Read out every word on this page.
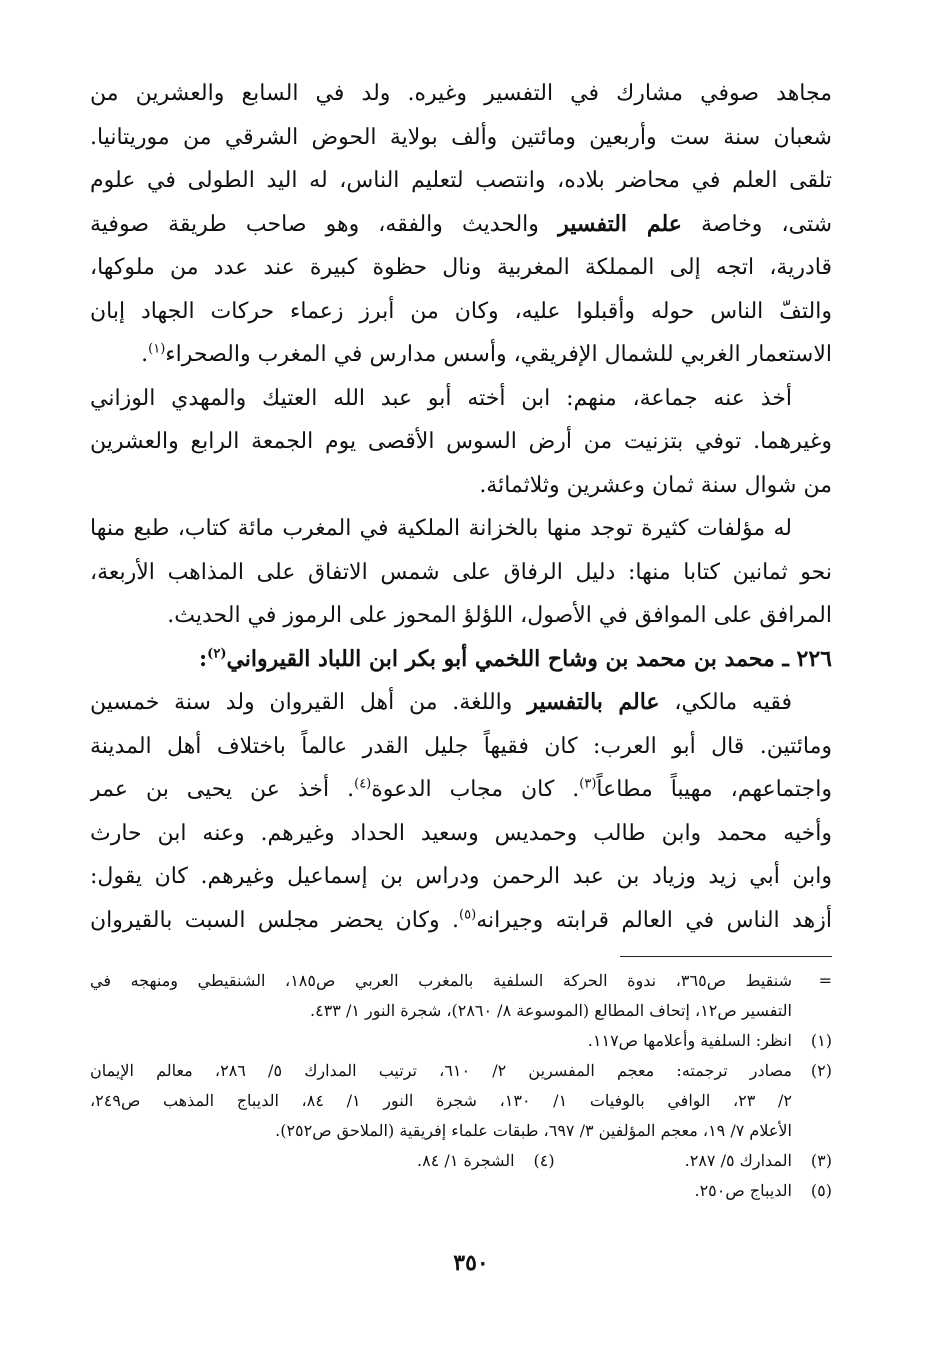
مجاهد صوفي مشارك في التفسير وغيره. ولد في السابع والعشرين من
شعبان سنة ست وأربعين ومائتين وألف بولاية الحوض الشرقي من موريتانيا.
تلقى العلم في محاضر بلاده، وانتصب لتعليم الناس، له اليد الطولى في علوم
شتى، وخاصة علم التفسير والحديث والفقه، وهو صاحب طريقة صوفية
قادرية، اتجه إلى المملكة المغربية ونال حظوة كبيرة عند عدد من ملوكها،
والتفّ الناس حوله وأقبلوا عليه، وكان من أبرز زعماء حركات الجهاد إبان
الاستعمار الغربي للشمال الإفريقي، وأسس مدارس في المغرب والصحراء$^{(١)}$.
أخذ عنه جماعة، منهم: ابن أخته أبو عبد الله العتيك والمهدي الوزاني
وغيرهما. توفي بتزنيت من أرض السوس الأقصى يوم الجمعة الرابع والعشرين
من شوال سنة ثمان وعشرين وثلاثمائة.
له مؤلفات كثيرة توجد منها بالخزانة الملكية في المغرب مائة كتاب، طبع منها
نحو ثمانين كتابا منها: دليل الرفاق على شمس الاتفاق على المذاهب الأربعة،
المرافق على الموافق في الأصول، اللؤلؤ المحوز على الرموز في الحديث.
٢٢٦ ـ محمد بن محمد بن وشاح اللخمي أبو بكر ابن اللباد القيرواني$^{(٢)}$:
فقيه مالكي، عالم بالتفسير واللغة. من أهل القيروان ولد سنة خمسين
ومائتين. قال أبو العرب: كان فقيهاً جليل القدر عالماً باختلاف أهل المدينة
واجتماعهم، مهيباً مطاعاً$^{(٣)}$. كان مجاب الدعوة$^{(٤)}$. أخذ عن يحيى بن عمر
وأخيه محمد وابن طالب وحمديس وسعيد الحداد وغيرهم. وعنه ابن حارث
وابن أبي زيد وزياد بن عبد الرحمن ودراس بن إسماعيل وغيرهم. كان يقول:
أزهد الناس في العالم قرابته وجيرانه$^{(٥)}$. وكان يحضر مجلس السبت بالقيروان
=
شنقيط ص٣٦٥، ندوة الحركة السلفية بالمغرب العربي ص١٨٥، الشنقيطي ومنهجه في
التفسير ص١٢، إتحاف المطالع (الموسوعة ٨/ ٢٨٦٠)، شجرة النور ١/ ٤٣٣.
(١)
انظر: السلفية وأعلامها ص١١٧.
(٢)
مصادر ترجمته: معجم المفسرين ٢/ ٦١٠، ترتيب المدارك ٥/ ٢٨٦، معالم الإيمان
٢/ ٢٣، الوافي بالوفيات ١/ ١٣٠، شجرة النور ١/ ٨٤، الديباج المذهب ص٢٤٩،
الأعلام ٧/ ١٩، معجم المؤلفين ٣/ ٦٩٧، طبقات علماء إفريقية (الملاحق ص٢٥٢).
(٣)
المدارك ٥/ ٢٨٧.
(٤)
الشجرة ١/ ٨٤.
(٥)
الديباج ص٢٥٠.
٣٥٠
